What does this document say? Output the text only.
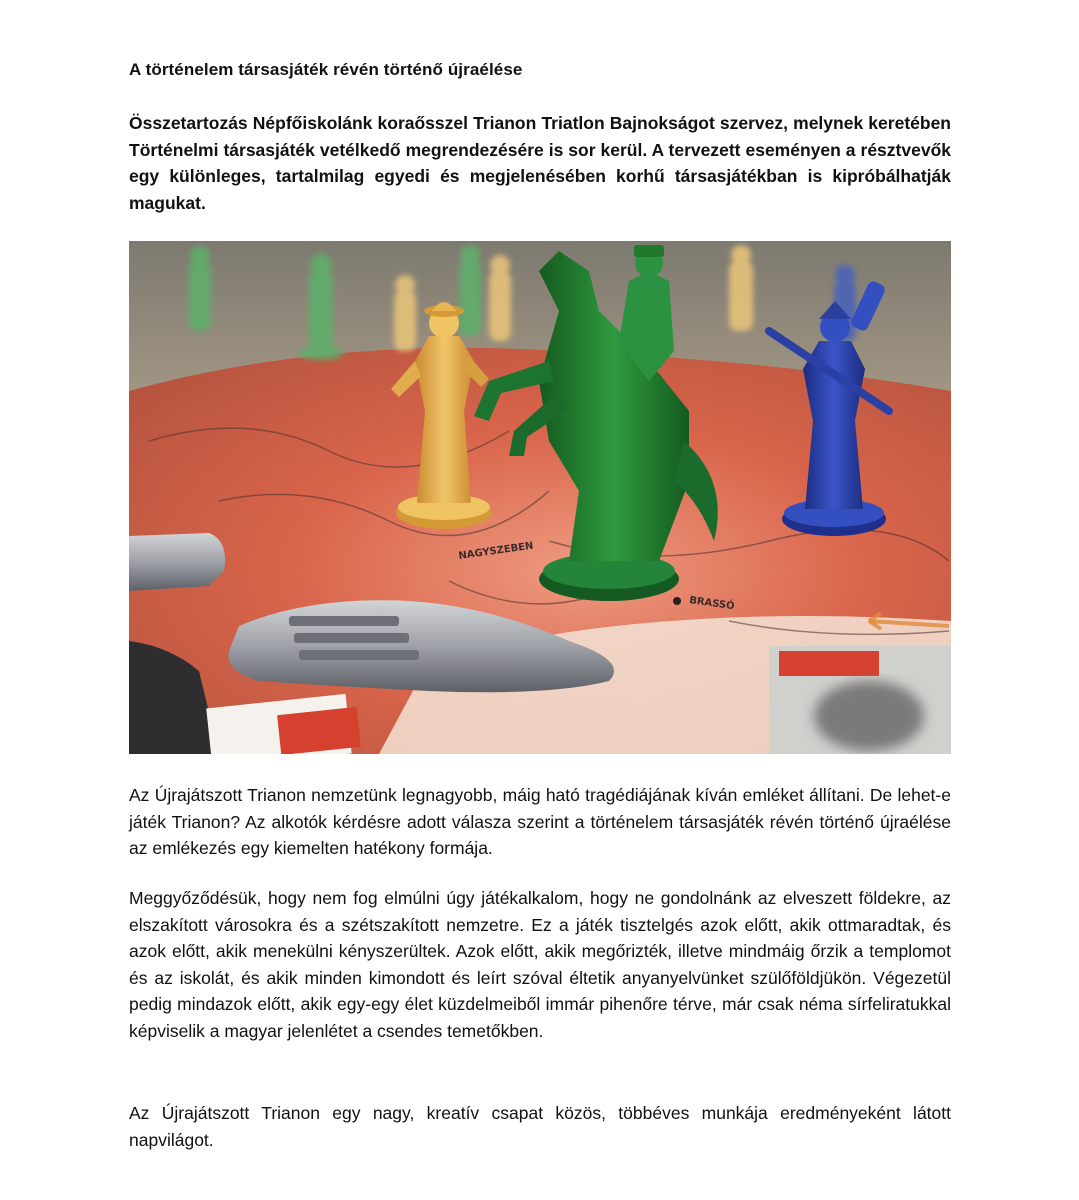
A történelem társasjáték révén történő újraélése

Összetartozás Népfőiskolánk koraősszel Trianon Triatlon Bajnokságot szervez, melynek keretében Történelmi társasjáték vetélkedő megrendezésére is sor kerül. A tervezett eseményen a résztvevők egy különleges, tartalmilag egyedi és megjelenésében korhű társasjátékban is kipróbálhatják magukat.

NAGYSZEBEN
BRASSÓ

Az Újrajátszott Trianon nemzetünk legnagyobb, máig ható tragédiájának kíván emléket állítani. De lehet-e játék Trianon? Az alkotók kérdésre adott válasza szerint a történelem társasjáték révén történő újraélése az emlékezés egy kiemelten hatékony formája.

Meggyőződésük, hogy nem fog elmúlni úgy játékalkalom, hogy ne gondolnánk az elveszett földekre, az elszakított városokra és a szétszakított nemzetre. Ez a játék tisztelgés azok előtt, akik ottmaradtak, és azok előtt, akik menekülni kényszerültek. Azok előtt, akik megőrizték, illetve mindmáig őrzik a templomot és az iskolát, és akik minden kimondott és leírt szóval éltetik anyanyelvünket szülőföldjükön. Végezetül pedig mindazok előtt, akik egy-egy élet küzdelmeiből immár pihenőre térve, már csak néma sírfeliratukkal képviselik a magyar jelenlétet a csendes temetőkben.

Az Újrajátszott Trianon egy nagy, kreatív csapat közös, többéves munkája eredményeként látott napvilágot.
